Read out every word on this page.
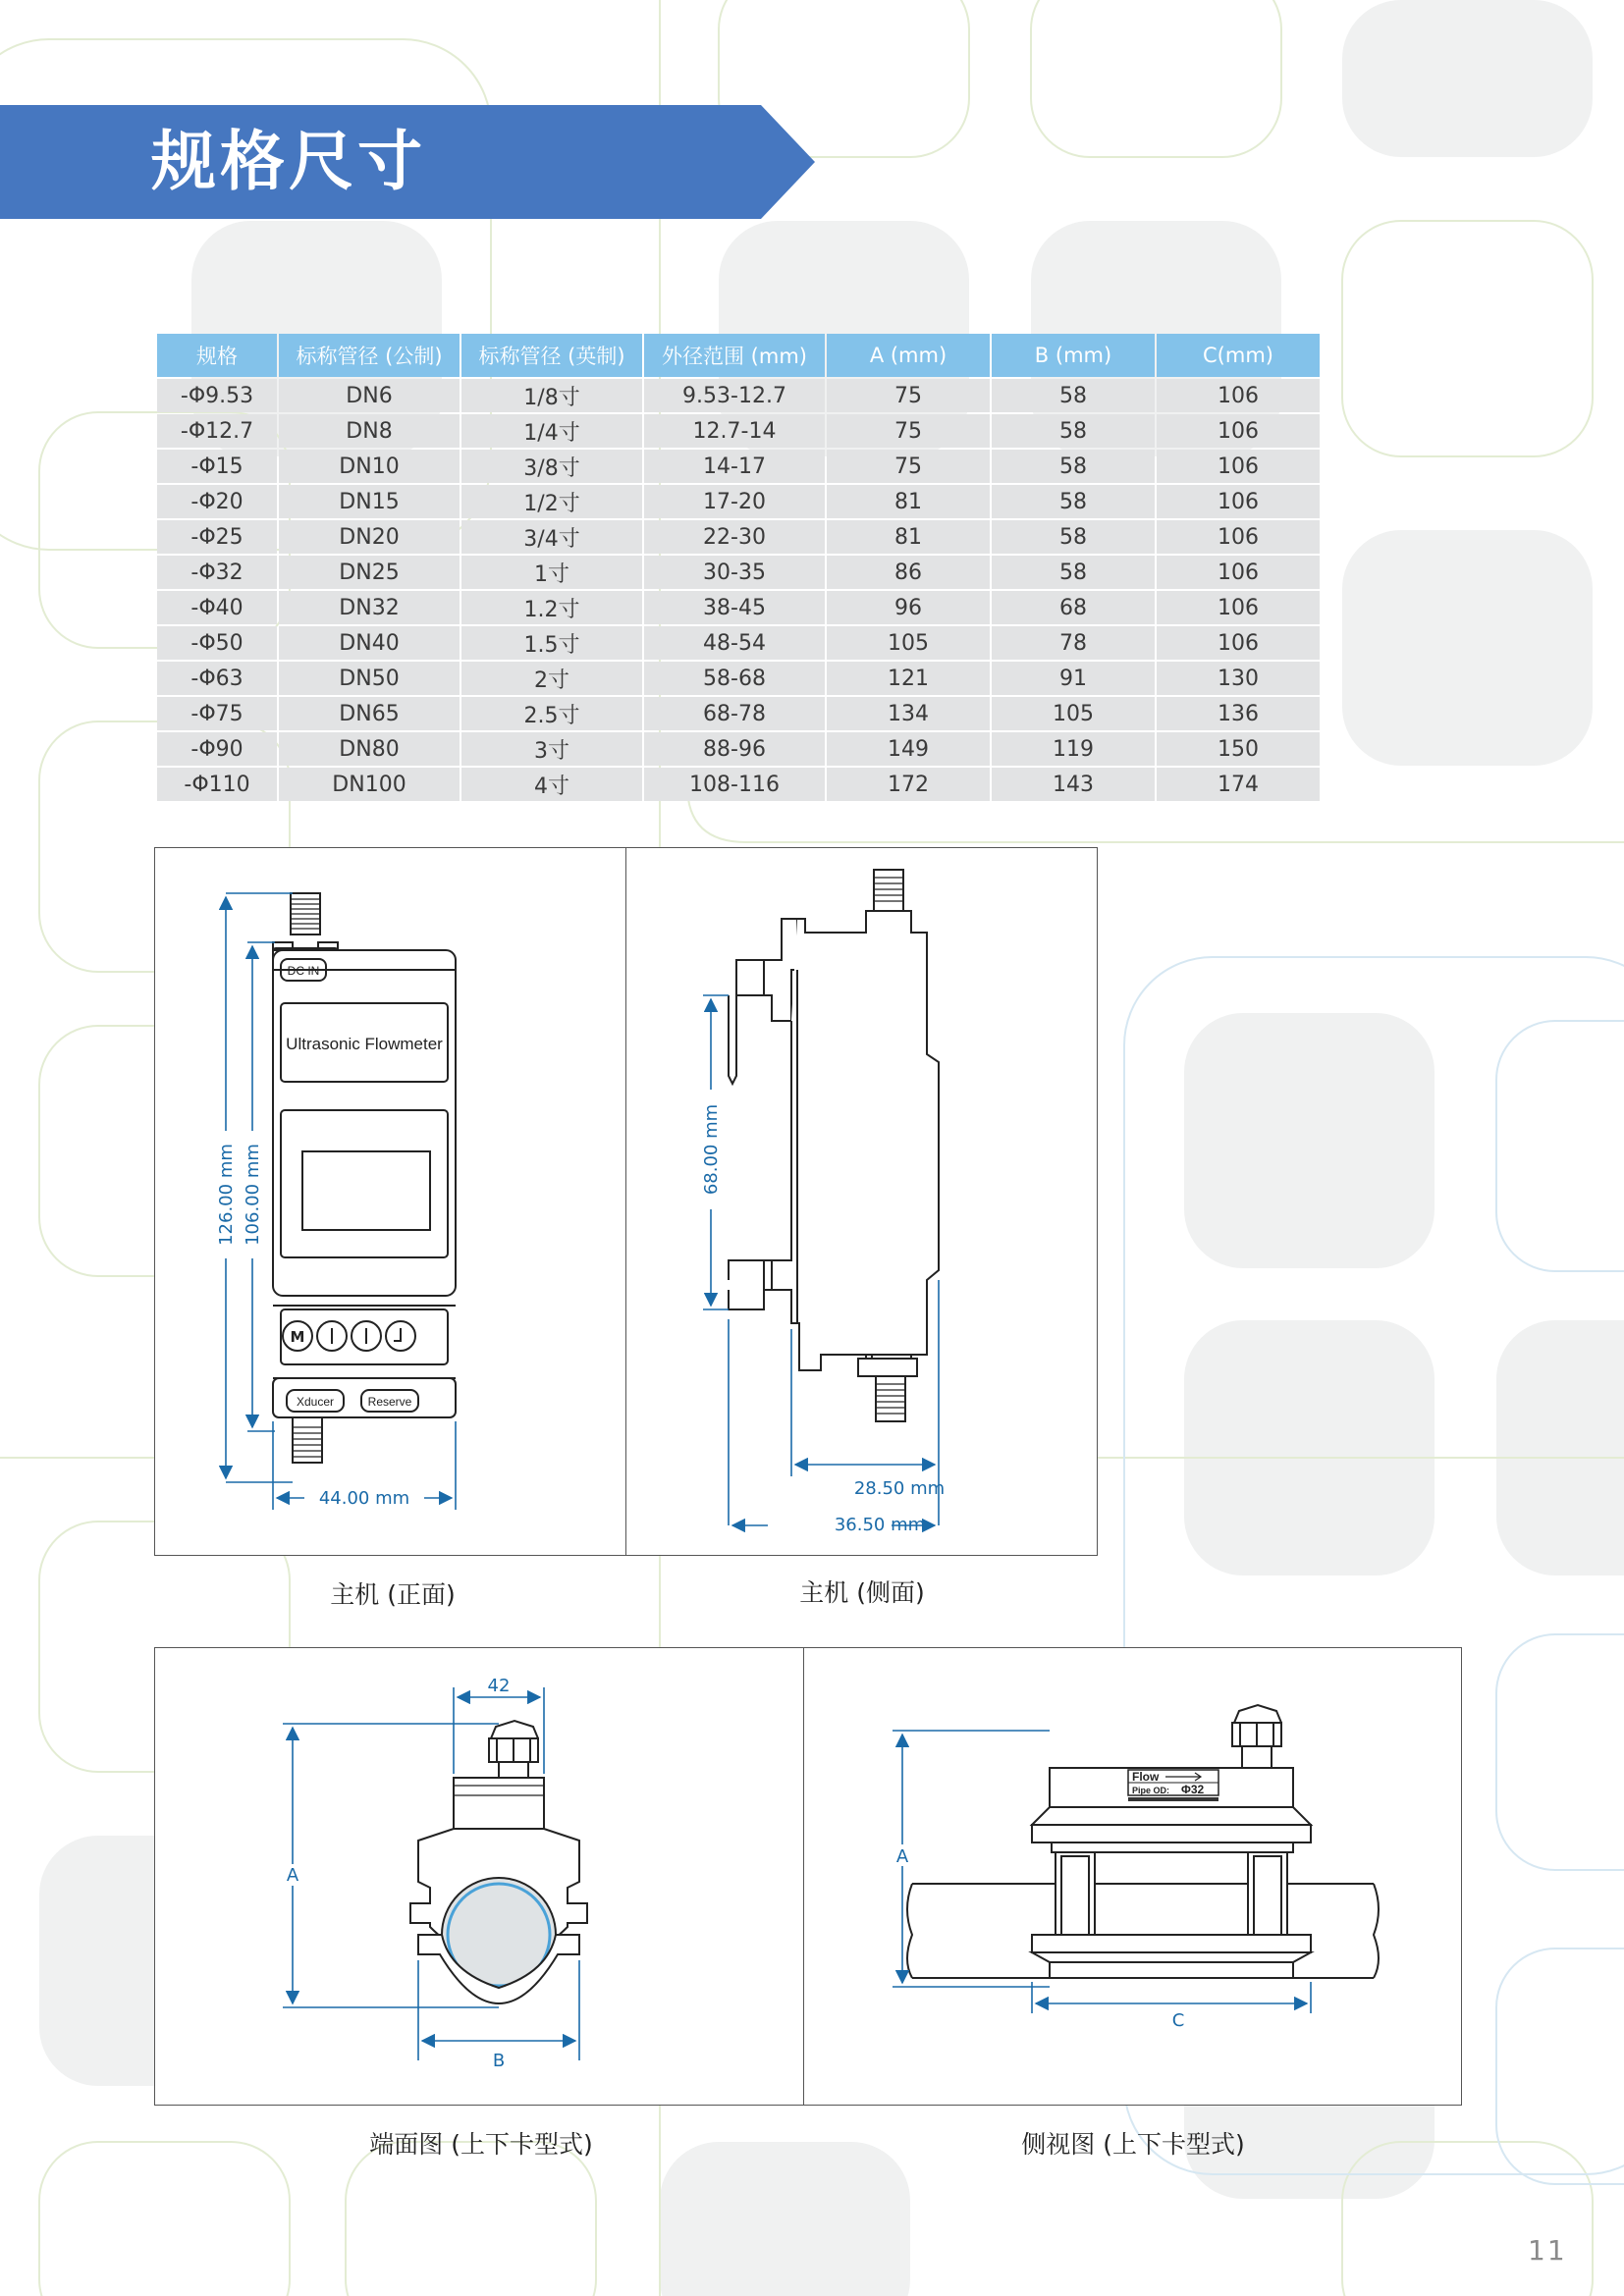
规格尺寸
规格	标称管径 (公制)	标称管径 (英制)	外径范围 (mm)	A (mm)	B (mm)	C(mm)
-Φ9.53	DN6	1/8寸	9.53-12.7	75	58	106
-Φ12.7	DN8	1/4寸	12.7-14	75	58	106
-Φ15	DN10	3/8寸	14-17	75	58	106
-Φ20	DN15	1/2寸	17-20	81	58	106
-Φ25	DN20	3/4寸	22-30	81	58	106
-Φ32	DN25	1寸	30-35	86	58	106
-Φ40	DN32	1.2寸	38-45	96	68	106
-Φ50	DN40	1.5寸	48-54	105	78	106
-Φ63	DN50	2寸	58-68	121	91	130
-Φ75	DN65	2.5寸	68-78	134	105	136
-Φ90	DN80	3寸	88-96	149	119	150
-Φ110	DN100	4寸	108-116	172	143	174
M
DC IN
Ultrasonic Flowmeter
Xducer	Reserve
126.00 mm 106.00 mm
44.00 mm
68.00 mm
28.50 mm
36.50 mm
主机 (正面)	主机 (侧面)
42
A
B
Flow
Pipe OD: Φ32
A
C
端面图 (上下卡型式)	侧视图 (上下卡型式)
11
